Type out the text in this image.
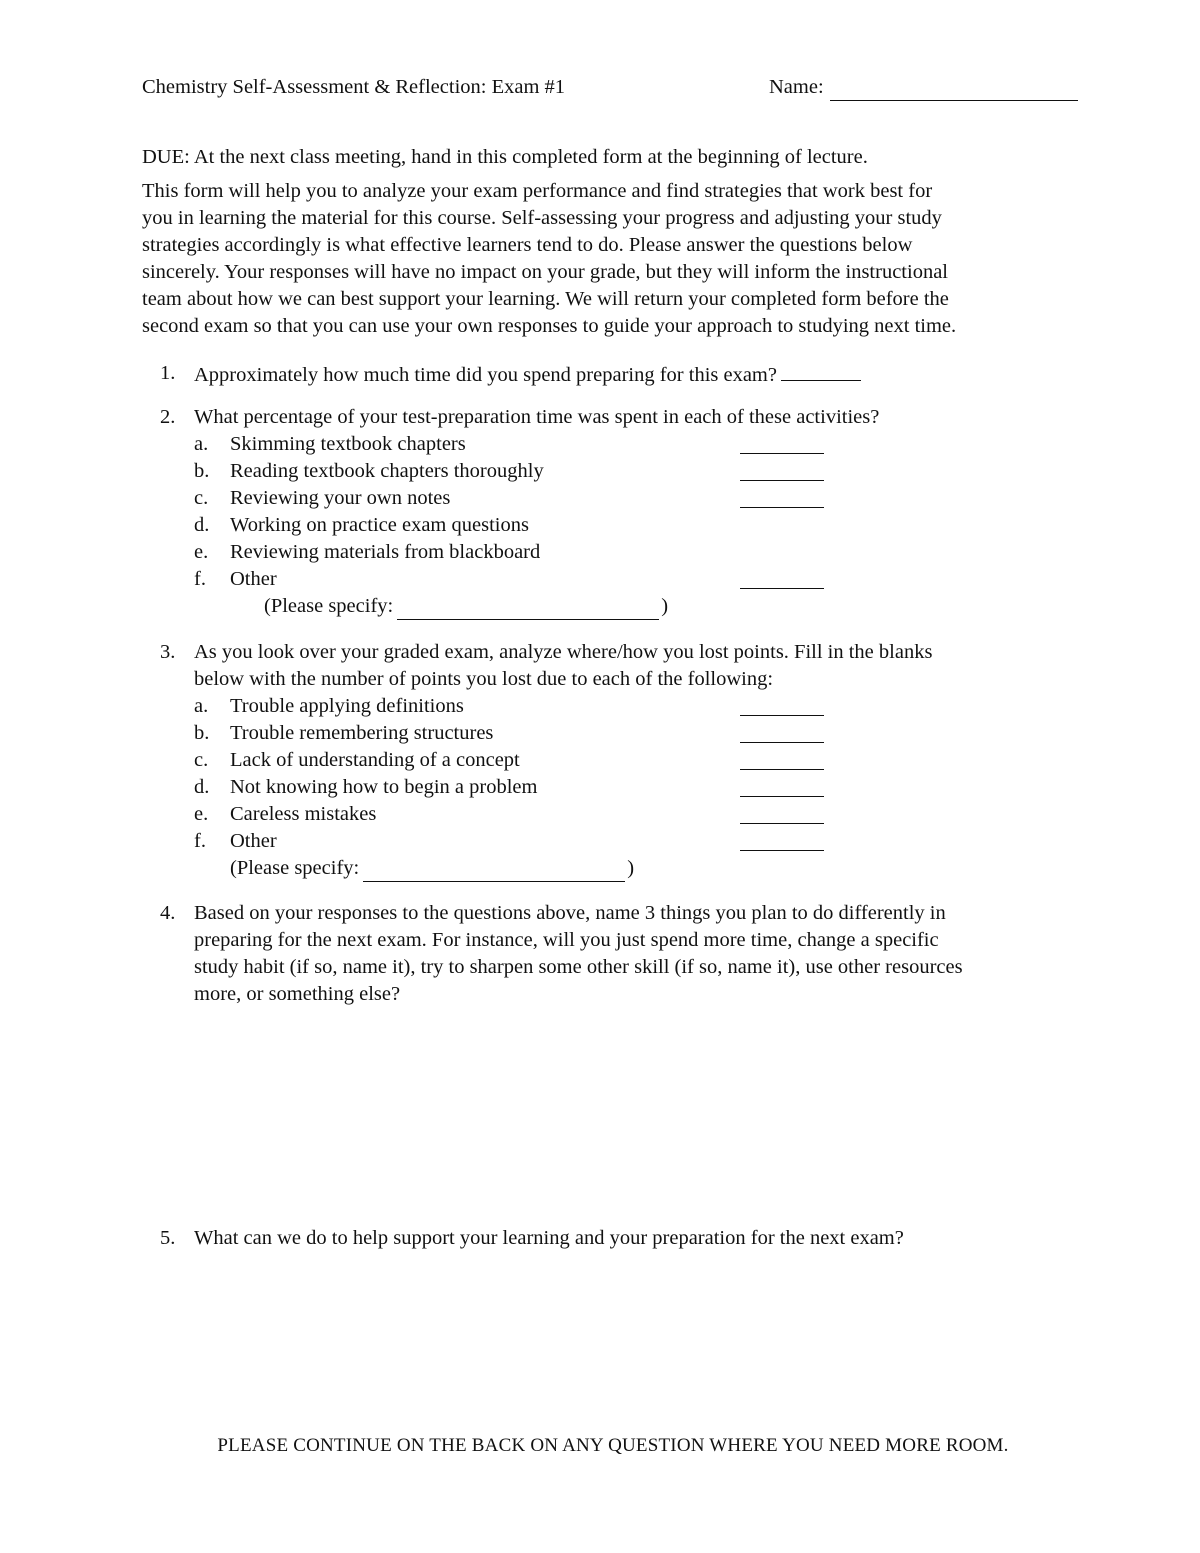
Chemistry Self-Assessment & Reflection: Exam #1	Name:
DUE: At the next class meeting, hand in this completed form at the beginning of lecture.
This form will help you to analyze your exam performance and find strategies that work best for
you in learning the material for this course. Self-assessing your progress and adjusting your study
strategies accordingly is what effective learners tend to do. Please answer the questions below
sincerely. Your responses will have no impact on your grade, but they will inform the instructional
team about how we can best support your learning. We will return your completed form before the
second exam so that you can use your own responses to guide your approach to studying next time.
1. Approximately how much time did you spend preparing for this exam?
2. What percentage of your test-preparation time was spent in each of these activities?
a.	Skimming textbook chapters
b.	Reading textbook chapters thoroughly
c.	Reviewing your own notes
d.	Working on practice exam questions
e.	Reviewing materials from blackboard
f.	Other
(Please specify:	)
3. As you look over your graded exam, analyze where/how you lost points. Fill in the blanks
below with the number of points you lost due to each of the following:
a.	Trouble applying definitions
b.	Trouble remembering structures
c.	Lack of understanding of a concept
d.	Not knowing how to begin a problem
e.	Careless mistakes
f.	Other
(Please specify:	)
4. Based on your responses to the questions above, name 3 things you plan to do differently in
preparing for the next exam. For instance, will you just spend more time, change a specific
study habit (if so, name it), try to sharpen some other skill (if so, name it), use other resources
more, or something else?
5. What can we do to help support your learning and your preparation for the next exam?
PLEASE CONTINUE ON THE BACK ON ANY QUESTION WHERE YOU NEED MORE ROOM.
